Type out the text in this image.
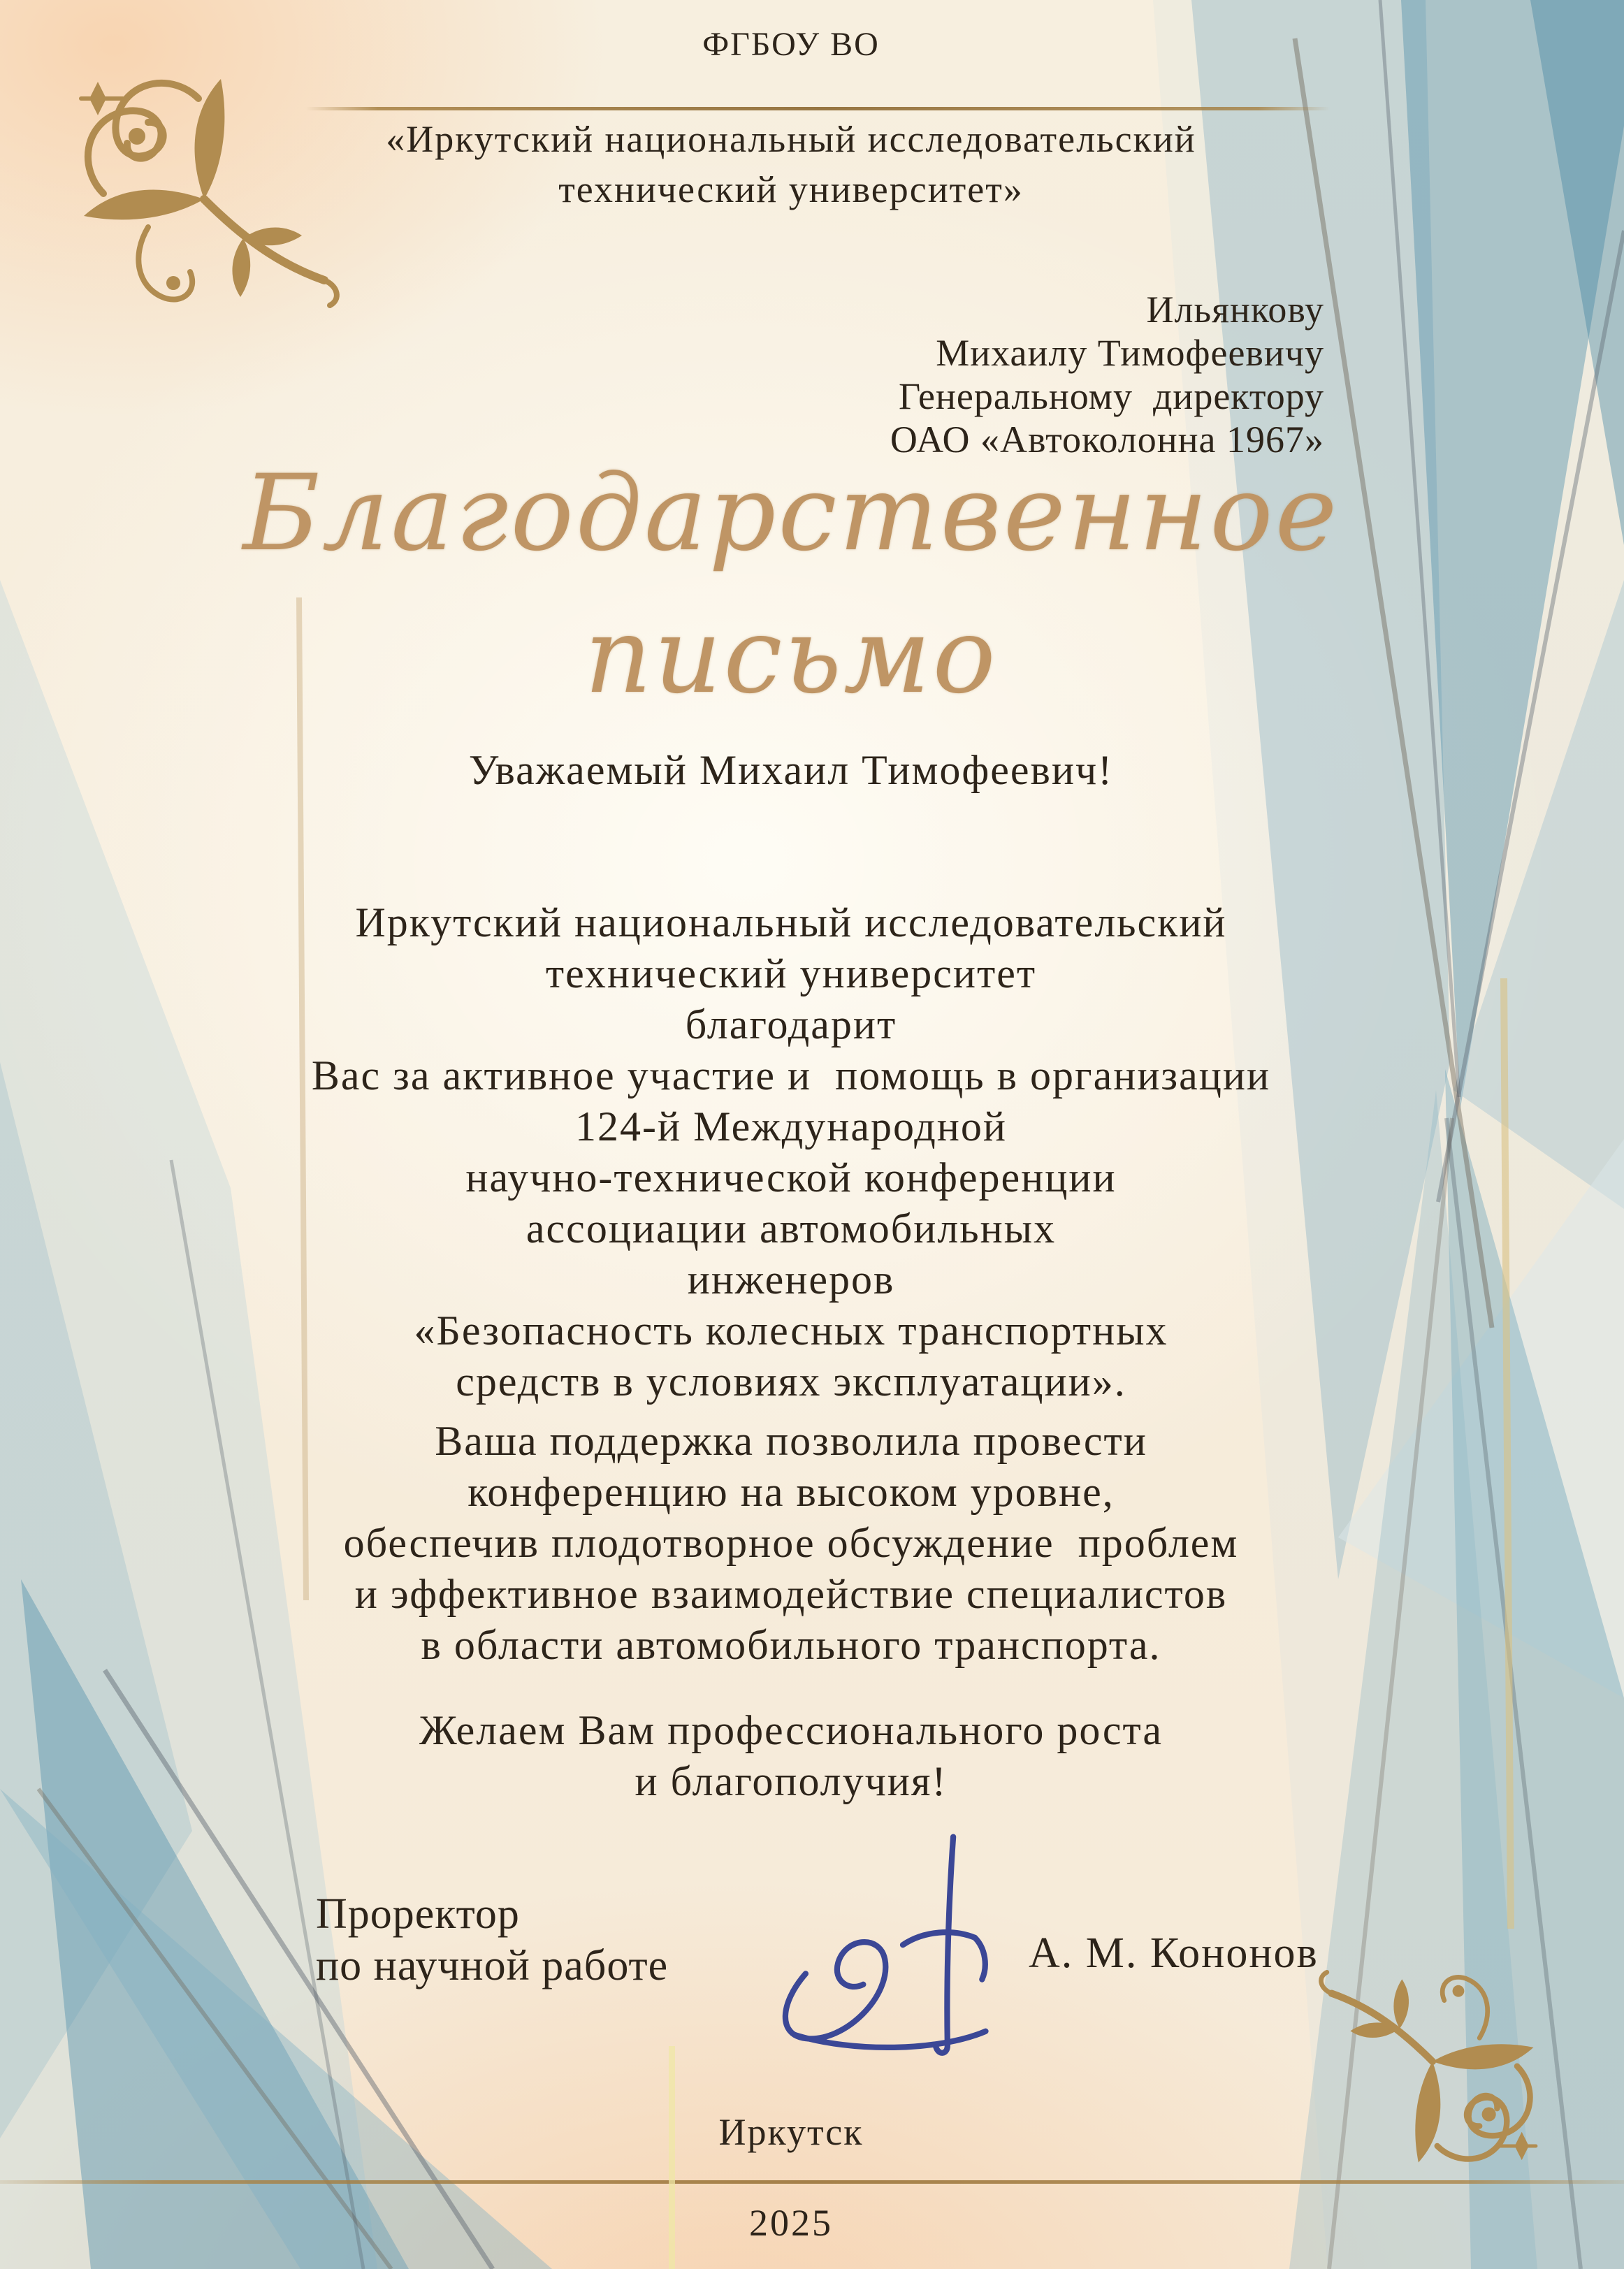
ФГБОУ ВО
«Иркутский национальный исследовательский
технический университет»
Ильянкову
Михаилу Тимофеевичу
Генеральному  директору
ОАО «Автоколонна 1967»
Благодарственное
письмо
Уважаемый Михаил Тимофеевич!
Иркутский национальный исследовательский
технический университет
благодарит
Вас за активное участие и  помощь в организации
124-й Международной
научно-технической конференции
ассоциации автомобильных
инженеров
«Безопасность колесных транспортных
средств в условиях эксплуатации».
Ваша поддержка позволила провести
конференцию на высоком уровне,
обеспечив плодотворное обсуждение  проблем
и эффективное взаимодействие специалистов
в области автомобильного транспорта.
Желаем Вам профессионального роста
и благополучия!
Проректор
по научной работе	А. М. Кононов
Иркутск
2025
